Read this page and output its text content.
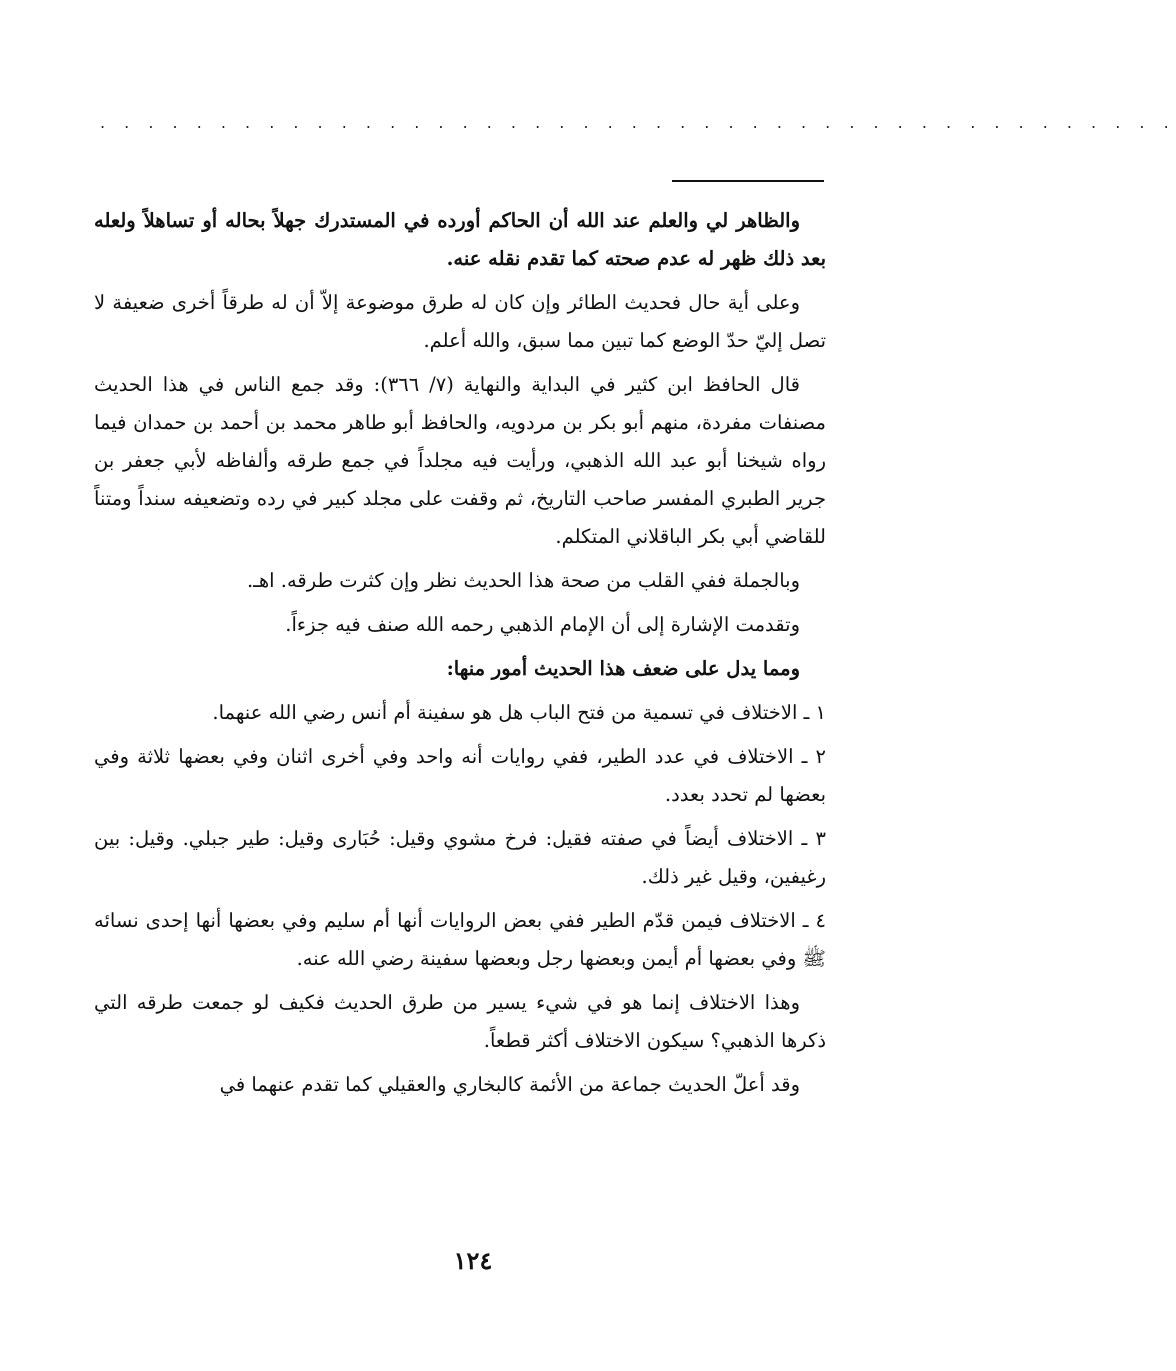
. . . . . . . . . . . . . . . . . . . . . . . . . . . . . . . . . . . . . . . . . . . . .

والظاهر لي والعلم عند الله أن الحاكم أورده في المستدرك جهلاً بحاله أو تساهلاً ولعله بعد ذلك ظهر له عدم صحته كما تقدم نقله عنه.

وعلى أية حال فحديث الطائر وإن كان له طرق موضوعة إلاّ أن له طرقاً أخرى ضعيفة لا تصل إليّ حدّ الوضع كما تبين مما سبق، والله أعلم.

قال الحافظ ابن كثير في البداية والنهاية (٧/ ٣٦٦): وقد جمع الناس في هذا الحديث مصنفات مفردة، منهم أبو بكر بن مردويه، والحافظ أبو طاهر محمد بن أحمد بن حمدان فيما رواه شيخنا أبو عبد الله الذهبي، ورأيت فيه مجلداً في جمع طرقه وألفاظه لأبي جعفر بن جرير الطبري المفسر صاحب التاريخ، ثم وقفت على مجلد كبير في رده وتضعيفه سنداً ومتناً للقاضي أبي بكر الباقلاني المتكلم.

وبالجملة ففي القلب من صحة هذا الحديث نظر وإن كثرت طرقه. اهـ.

وتقدمت الإشارة إلى أن الإمام الذهبي رحمه الله صنف فيه جزءاً.

ومما يدل على ضعف هذا الحديث أمور منها:

١ ـ الاختلاف في تسمية من فتح الباب هل هو سفينة أم أنس رضي الله عنهما.

٢ ـ الاختلاف في عدد الطير، ففي روايات أنه واحد وفي أخرى اثنان وفي بعضها ثلاثة وفي بعضها لم تحدد بعدد.

٣ ـ الاختلاف أيضاً في صفته فقيل: فرخ مشوي وقيل: حُبَارى وقيل: طير جبلي. وقيل: بين رغيفين، وقيل غير ذلك.

٤ ـ الاختلاف فيمن قدّم الطير ففي بعض الروايات أنها أم سليم وفي بعضها أنها إحدى نسائه ﷺ وفي بعضها أم أيمن وبعضها رجل وبعضها سفينة رضي الله عنه.

وهذا الاختلاف إنما هو في شيء يسير من طرق الحديث فكيف لو جمعت طرقه التي ذكرها الذهبي؟ سيكون الاختلاف أكثر قطعاً.

وقد أعلّ الحديث جماعة من الأئمة كالبخاري والعقيلي كما تقدم عنهما في

١٢٤
